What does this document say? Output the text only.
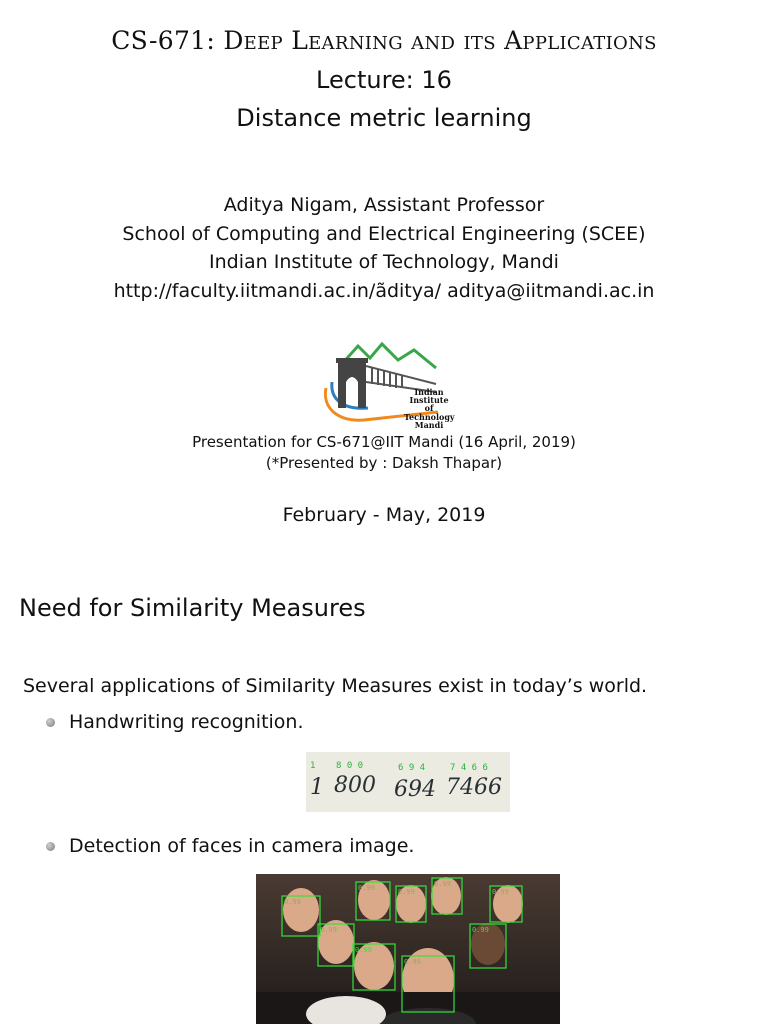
CS-671: Deep Learning and its Applications
Lecture: 16
Distance metric learning
Aditya Nigam, Assistant Professor
School of Computing and Electrical Engineering (SCEE)
Indian Institute of Technology, Mandi
http://faculty.iitmandi.ac.in/ãditya/ aditya@iitmandi.ac.in
Indian
Institute of
Technology
Mandi
Presentation for CS-671@IIT Mandi (16 April, 2019)
(*Presented by : Daksh Thapar)
February - May, 2019
Need for Similarity Measures
Several applications of Similarity Measures exist in today’s world.
Handwriting recognition.
1 8 0 0	6 9 4	7 4 6 6
1 800 694 7466
Detection of faces in camera image.
0.99
0.99	0.99
0.99
0.99
0.99
0.99
0.99
0.99
